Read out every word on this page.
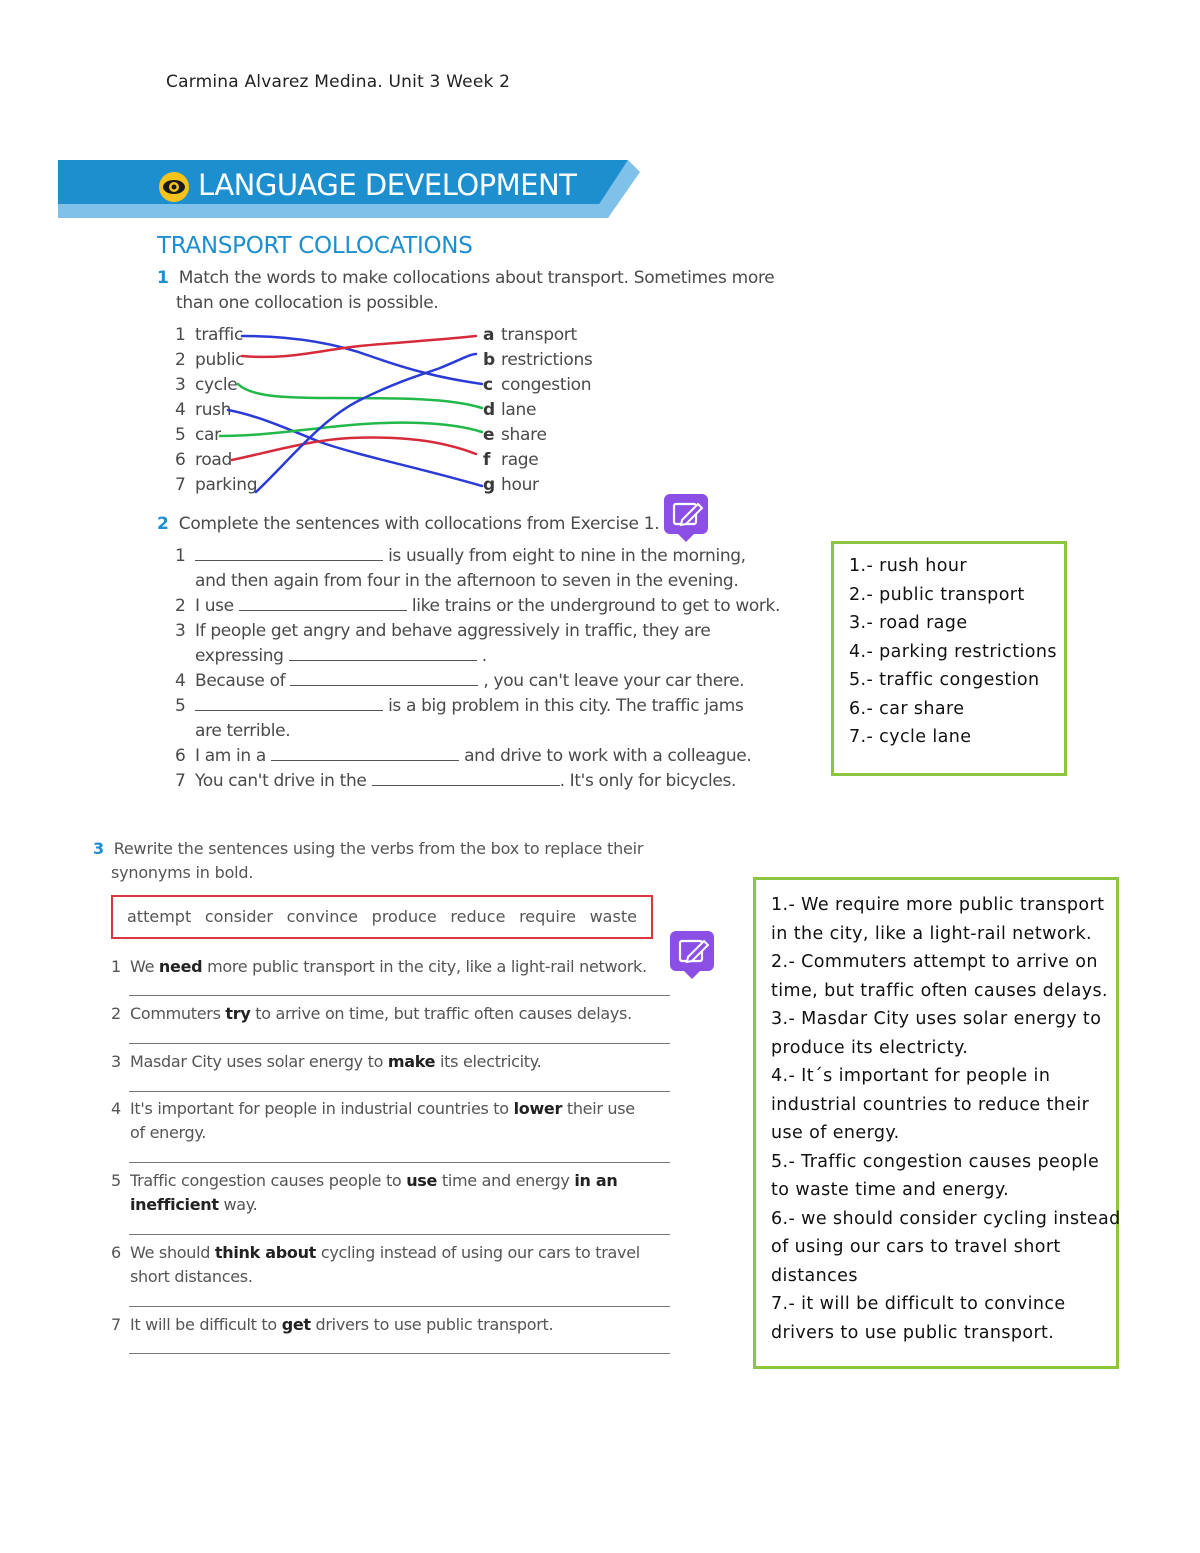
Carmina Alvarez Medina. Unit 3 Week 2
LANGUAGE DEVELOPMENT
TRANSPORT COLLOCATIONS
1 Match the words to make collocations about transport. Sometimes more
than one collocation is possible.
1 traffic
2 public
3 cycle
4 rush
5 car
6 road
7 parking
a transport
b restrictions
c congestion
d lane
e share
f rage
g hour
2 Complete the sentences with collocations from Exercise 1.
1	is usually from eight to nine in the morning,
and then again from four in the afternoon to seven in the evening.
2 I use	like trains or the underground to get to work.
3 If people get angry and behave aggressively in traffic, they are
expressing	.
4 Because of	, you can't leave your car there.
5	is a big problem in this city. The traffic jams
are terrible.
6 I am in a	and drive to work with a colleague.
7 You can't drive in the	. It's only for bicycles.
1.- rush hour
2.- public transport
3.- road rage
4.- parking restrictions
5.- traffic congestion
6.- car share
7.- cycle lane
3 Rewrite the sentences using the verbs from the box to replace their
synonyms in bold.
attempt consider convince produce reduce require waste
1 We need more public transport in the city, like a light-rail network.
2 Commuters try to arrive on time, but traffic often causes delays.
3 Masdar City uses solar energy to make its electricity.
4 It's important for people in industrial countries to lower their use
of energy.
5 Traffic congestion causes people to use time and energy in an
inefficient way.
6 We should think about cycling instead of using our cars to travel
short distances.
7 It will be difficult to get drivers to use public transport.
1.- We require more public transport
in the city, like a light-rail network.
2.- Commuters attempt to arrive on
time, but traffic often causes delays.
3.- Masdar City uses solar energy to
produce its electricty.
4.- It´s important for people in
industrial countries to reduce their
use of energy.
5.- Traffic congestion causes people
to waste time and energy.
6.- we should consider cycling instead
of using our cars to travel short
distances
7.- it will be difficult to convince
drivers to use public transport.
